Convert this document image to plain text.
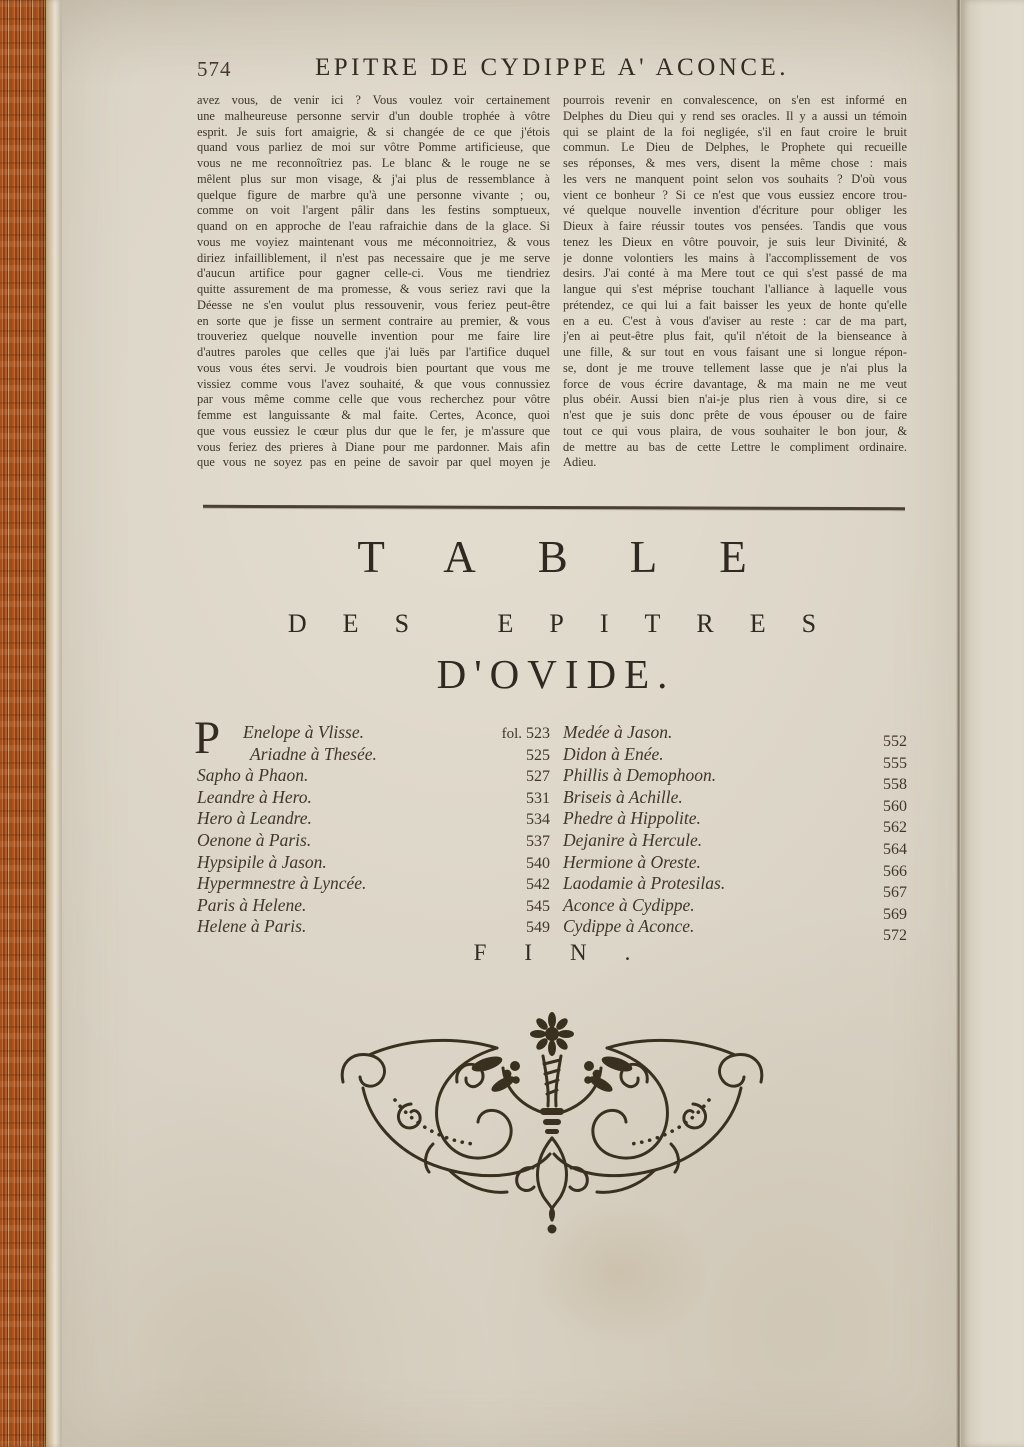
574	EPITRE DE CYDIPPE A' ACONCE.
avez vous, de venir ici ? Vous voulez voir certainement
une malheureuse personne servir d'un double trophée à vôtre
esprit. Je suis fort amaigrie, & si changée de ce que j'étois
quand vous parliez de moi sur vôtre Pomme artificieuse, que
vous ne me reconnoîtriez pas. Le blanc & le rouge ne se
mêlent plus sur mon visage, & j'ai plus de ressemblance à
quelque figure de marbre qu'à une personne vivante ; ou,
comme on voit l'argent pâlir dans les festins somptueux,
quand on en approche de l'eau rafraichie dans de la glace. Si
vous me voyiez maintenant vous me méconnoitriez, & vous
diriez infailliblement, il n'est pas necessaire que je me serve
d'aucun artifice pour gagner celle-ci. Vous me tiendriez
quitte assurement de ma promesse, & vous seriez ravi que la
Déesse ne s'en voulut plus ressouvenir, vous feriez peut-être
en sorte que je fisse un serment contraire au premier, & vous
trouveriez quelque nouvelle invention pour me faire lire
d'autres paroles que celles que j'ai luës par l'artifice duquel
vous vous étes servi. Je voudrois bien pourtant que vous me
vissiez comme vous l'avez souhaité, & que vous connussiez
par vous même comme celle que vous recherchez pour vôtre
femme est languissante & mal faite. Certes, Aconce, quoi
que vous eussiez le cœur plus dur que le fer, je m'assure que
vous feriez des prieres à Diane pour me pardonner. Mais afin
que vous ne soyez pas en peine de savoir par quel moyen je
pourrois revenir en convalescence, on s'en est informé en
Delphes du Dieu qui y rend ses oracles. Il y a aussi un témoin
qui se plaint de la foi negligée, s'il en faut croire le bruit
commun. Le Dieu de Delphes, le Prophete qui recueille
ses réponses, & mes vers, disent la même chose : mais
les vers ne manquent point selon vos souhaits ? D'où vous
vient ce bonheur ? Si ce n'est que vous eussiez encore trou-
vé quelque nouvelle invention d'écriture pour obliger les
Dieux à faire réussir toutes vos pensées. Tandis que vous
tenez les Dieux en vôtre pouvoir, je suis leur Divinité, &
je donne volontiers les mains à l'accomplissement de vos
desirs. J'ai conté à ma Mere tout ce qui s'est passé de ma
langue qui s'est méprise touchant l'alliance à laquelle vous
prétendez, ce qui lui a fait baisser les yeux de honte qu'elle
en a eu. C'est à vous d'aviser au reste : car de ma part,
j'en ai peut-être plus fait, qu'il n'étoit de la bienseance à
une fille, & sur tout en vous faisant une si longue répon-
se, dont je me trouve tellement lasse que je n'ai plus la
force de vous écrire davantage, & ma main ne me veut
plus obéir. Aussi bien n'ai-je plus rien à vous dire, si ce
n'est que je suis donc prête de vous épouser ou de faire
tout ce qui vous plaira, de vous souhaiter le bon jour, &
de mettre au bas de cette Lettre le compliment ordinaire.
Adieu.
TABLE
DES EPITRES
D'OVIDE.
P	Enelope à Vlisse.	fol. 523
Ariadne à Thesée.	525
Sapho à Phaon.	527
Leandre à Hero.	531
Hero à Leandre.	534
Oenone à Paris.	537
Hypsipile à Jason.	540
Hypermnestre à Lyncée.	542
Paris à Helene.	545
Helene à Paris.	549
Medée à Jason.	552
Didon à Enée.	555
Phillis à Demophoon.	558
Briseis à Achille.	560
Phedre à Hippolite.	562
Dejanire à Hercule.	564
Hermione à Oreste.	566
Laodamie à Protesilas.	567
Aconce à Cydippe.	569
Cydippe à Aconce.	572
FIN.
